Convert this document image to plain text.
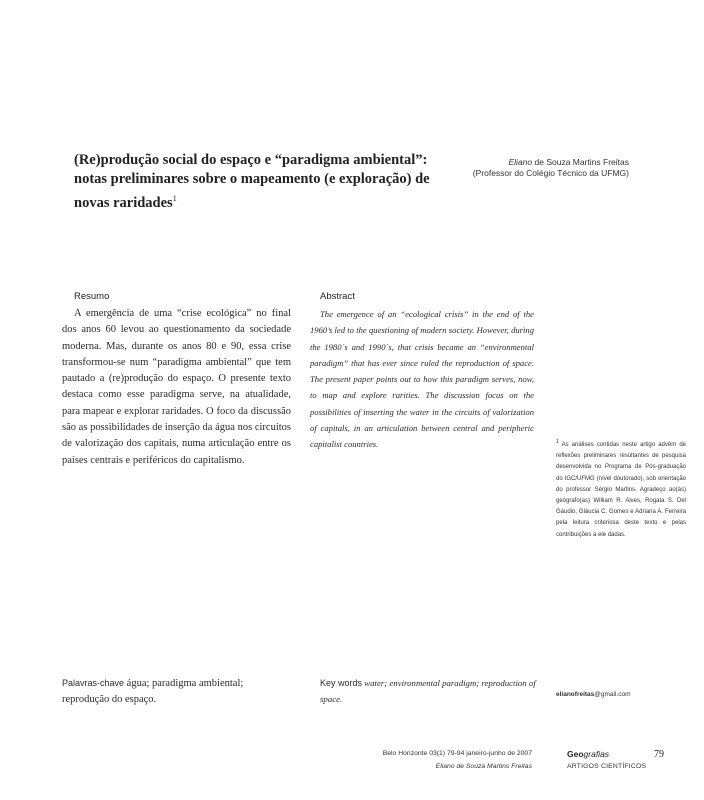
(Re)produção social do espaço e “paradigma ambiental”: notas preliminares sobre o mapeamento (e exploração) de novas raridades$^1$
Eliano de Souza Martins Freitas
(Professor do Colégio Técnico da UFMG)
Resumo	Abstract
A emergência de uma “crise ecológica” no final dos anos 60 levou ao questionamento da sociedade moderna. Mas, durante os anos 80 e 90, essa crise transformou-se num “paradigma ambiental” que tem pautado a (re)produção do espaço. O presente texto destaca como esse paradigma serve, na atualidade, para mapear e explorar raridades. O foco da discussão são as possibilidades de inserção da água nos circuitos de valorização dos capitais, numa articulação entre os países centrais e periféricos do capitalismo.
The emergence of an “ecological crisis” in the end of the 1960’s led to the questioning of modern society. However, during the 1980´s and 1990´s, that crisis became an “environmental paradigm” that has ever since ruled the reproduction of space. The present paper points out to how this paradigm serves, now, to map and explore rarities. The discussion focus on the possibilities of inserting the water in the circuits of valorization of capitals, in an articulation between central and peripheric capitalist countries.	$^1$ As análises contidas neste artigo advêm de reflexões preliminares resultantes de pesquisa desenvolvida no Programa de Pós-graduação do IGC/UFMG (nível doutorado), sob orientação do professor Sérgio Martins. Agradeço ao(às) geógrafo(as) William R. Alves, Rogata S. Del Gáudio, Gláucia C. Gomes e Adriana A. Ferreira pela leitura criteriosa deste texto e pelas contribuições a ele dadas.
Palavras-chave água; paradigma ambiental; reprodução do espaço.
Key words water; environmental paradigm; reproduction of space.	elianofreitas@gmail.com
Belo Horizonte 03(1) 79-94 janeiro-junho de 2007
Eliano de Souza Martins Freitas
Geografias	79
ARTIGOS CIENTÍFICOS
